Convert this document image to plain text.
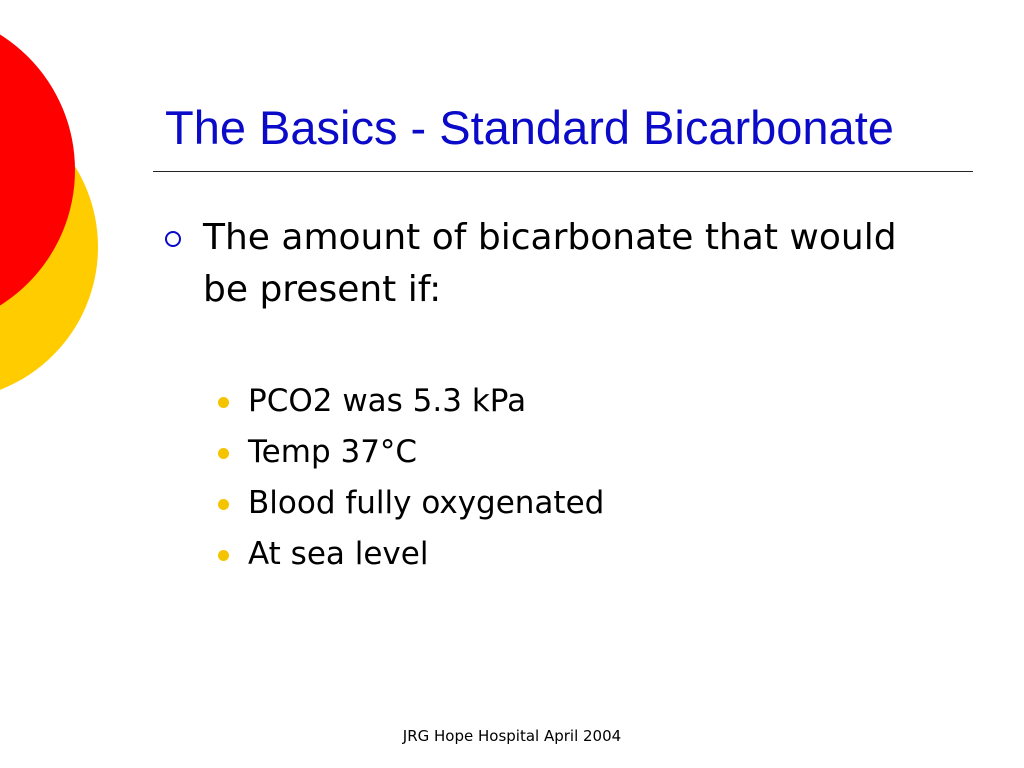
The Basics - Standard Bicarbonate
The amount of bicarbonate that would be present if:
PCO2 was 5.3 kPa
Temp 37°C
Blood fully oxygenated
At sea level
JRG Hope Hospital April 2004
